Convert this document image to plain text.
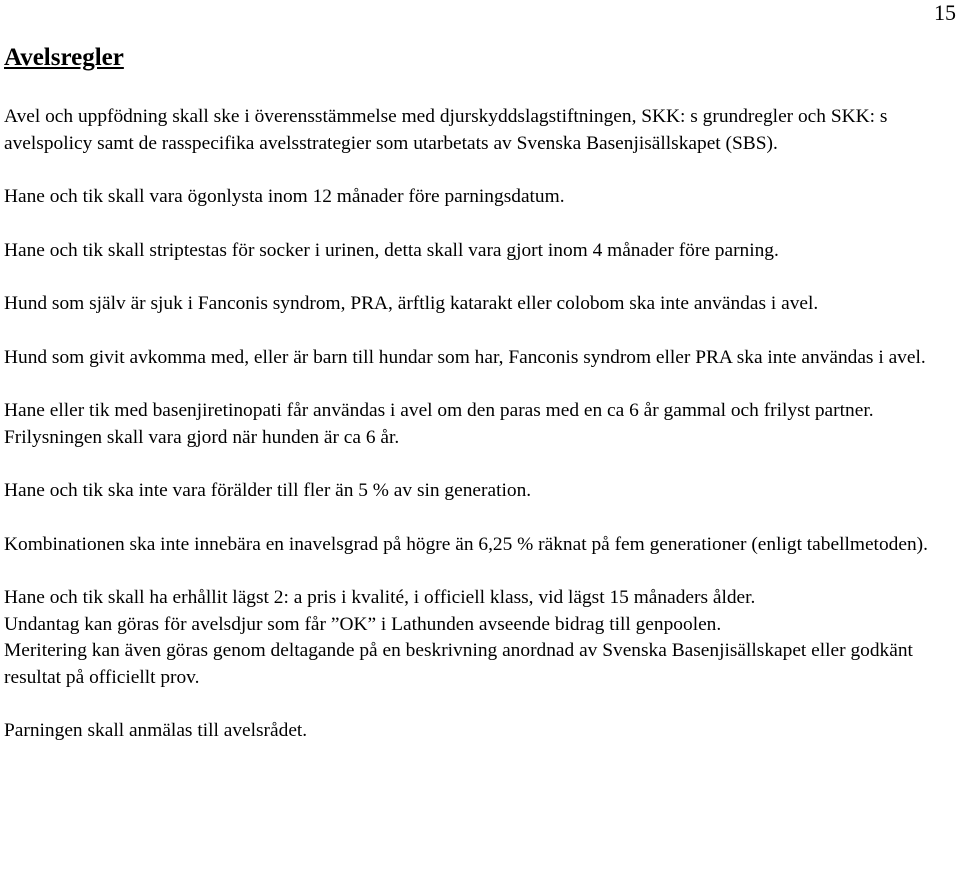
15
Avelsregler

Avel och uppfödning skall ske i överensstämmelse med djurskyddslagstiftningen, SKK: s grundregler och SKK: s avelspolicy samt de rasspecifika avelsstrategier som utarbetats av Svenska Basenjisällskapet (SBS).

Hane och tik skall vara ögonlysta inom 12 månader före parningsdatum.

Hane och tik skall striptestas för socker i urinen, detta skall vara gjort inom 4 månader före parning.

Hund som själv är sjuk i Fanconis syndrom, PRA, ärftlig katarakt eller colobom ska inte användas i avel.

Hund som givit avkomma med, eller är barn till hundar som har, Fanconis syndrom eller PRA ska inte användas i avel.

Hane eller tik med basenjiretinopati får användas i avel om den paras med en ca 6 år gammal och frilyst partner. Frilysningen skall vara gjord när hunden är ca 6 år.

Hane och tik ska inte vara förälder till fler än 5 % av sin generation.

Kombinationen ska inte innebära en inavelsgrad på högre än 6,25 % räknat på fem generationer (enligt tabellmetoden).

Hane och tik skall ha erhållit lägst 2: a pris i kvalité, i officiell klass, vid lägst 15 månaders ålder.

Undantag kan göras för avelsdjur som får ”OK” i Lathunden avseende bidrag till genpoolen.

Meritering kan även göras genom deltagande på en beskrivning anordnad av Svenska Basenjisällskapet eller godkänt resultat på officiellt prov.

Parningen skall anmälas till avelsrådet.
